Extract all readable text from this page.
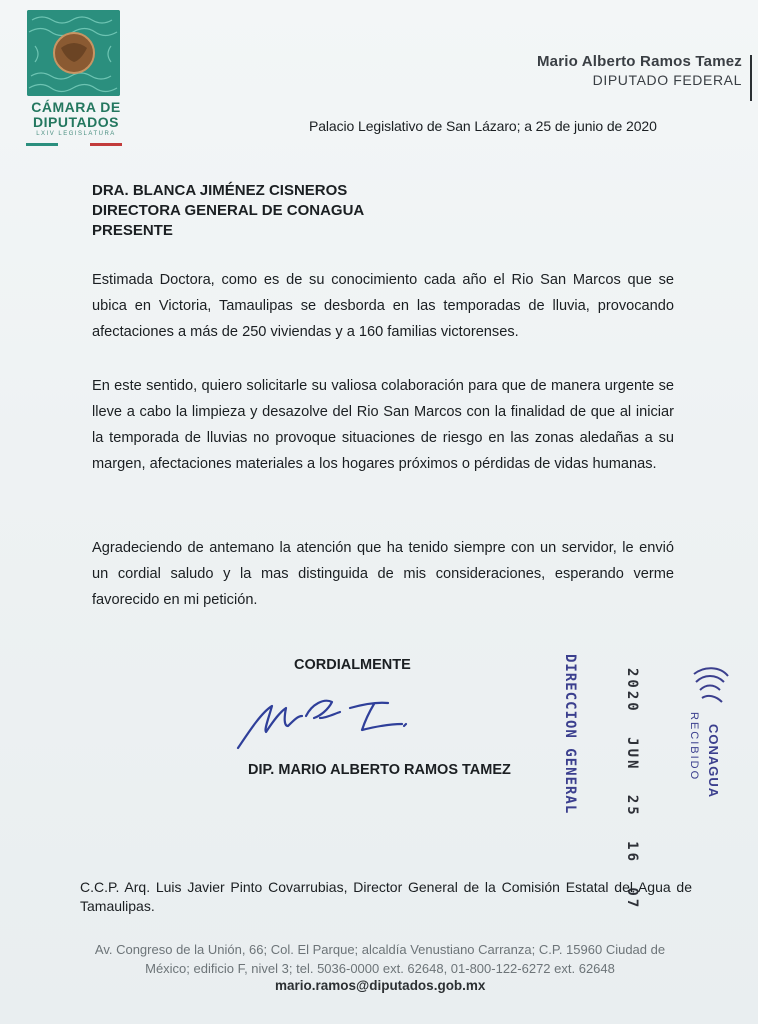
CÁMARA DE
DIPUTADOS
LXIV LEGISLATURA
Mario Alberto Ramos Tamez
DIPUTADO FEDERAL
Palacio Legislativo de San Lázaro; a 25 de junio de 2020
DRA. BLANCA JIMÉNEZ CISNEROS
DIRECTORA GENERAL DE CONAGUA
PRESENTE
Estimada Doctora, como es de su conocimiento cada año el Rio San Marcos que se ubica en Victoria, Tamaulipas se desborda en las temporadas de lluvia, provocando afectaciones a más de 250 viviendas y a 160 familias victorenses.
En este sentido, quiero solicitarle su valiosa colaboración para que de manera urgente se lleve a cabo la limpieza y desazolve del Rio San Marcos con la finalidad de que al iniciar la temporada de lluvias no provoque situaciones de riesgo en las zonas aledañas a su margen, afectaciones materiales a los hogares próximos o pérdidas de vidas humanas.
Agradeciendo de antemano la atención que ha tenido siempre con un servidor, le envió un cordial saludo y la mas distinguida de mis consideraciones, esperando verme favorecido en mi petición.
CORDIALMENTE
DIP. MARIO ALBERTO RAMOS TAMEZ	DIRECCION GENERAL	2020 JUN 25 16 07	CONAGUA
RECIBIDO
C.C.P. Arq. Luis Javier Pinto Covarrubias, Director General de la Comisión Estatal del Agua de Tamaulipas.
Av. Congreso de la Unión, 66; Col. El Parque; alcaldía Venustiano Carranza; C.P. 15960 Ciudad de México; edificio F, nivel 3; tel. 5036-0000 ext. 62648, 01-800-122-6272 ext. 62648
mario.ramos@diputados.gob.mx
